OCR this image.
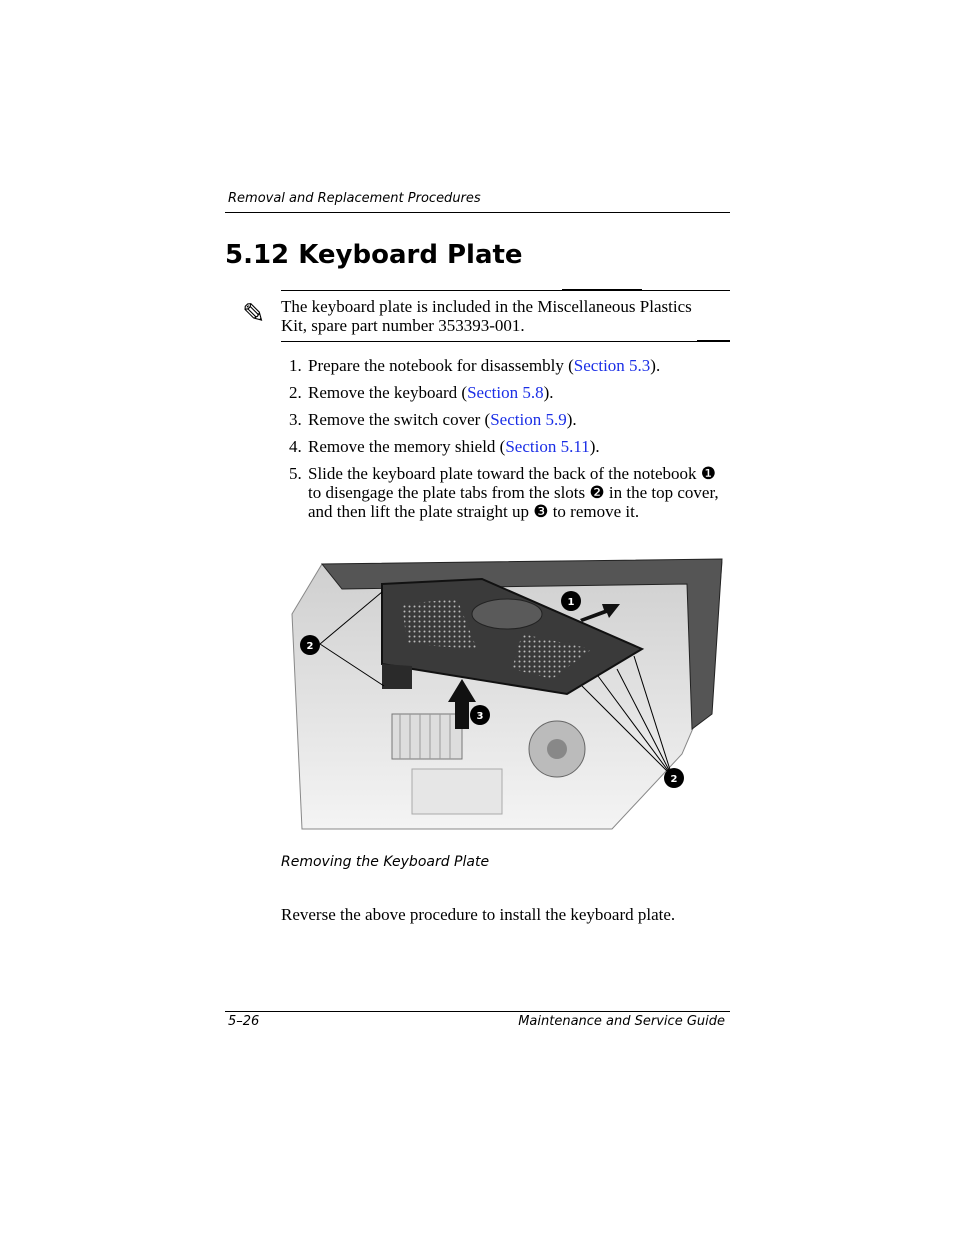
Removal and Replacement Procedures
5.12 Keyboard Plate
✎ The keyboard plate is included in the Miscellaneous Plastics Kit, spare part number 353393-001.
1. Prepare the notebook for disassembly (Section 5.3).
2. Remove the keyboard (Section 5.8).
3. Remove the switch cover (Section 5.9).
4. Remove the memory shield (Section 5.11).
5. Slide the keyboard plate toward the back of the notebook ❶ to disengage the plate tabs from the slots ❷ in the top cover, and then lift the plate straight up ❸ to remove it.
1
2
3
2
Removing the Keyboard Plate
Reverse the above procedure to install the keyboard plate.
5–26	Maintenance and Service Guide
